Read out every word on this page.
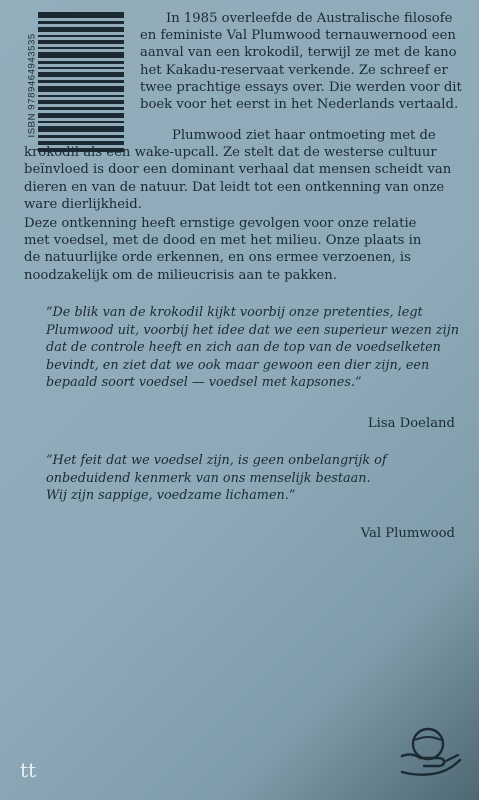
ISBN 9789464943535
In 1985 overleefde de Australische filosofe
en feministe Val Plumwood ternauwernood een
aanval van een krokodil, terwijl ze met de kano
het Kakadu-reservaat verkende. Ze schreef er
twee prachtige essays over. Die werden voor dit
boek voor het eerst in het Nederlands vertaald.
Plumwood ziet haar ontmoeting met de
krokodil als een wake-upcall. Ze stelt dat de westerse cultuur
beïnvloed is door een dominant verhaal dat mensen scheidt van
dieren en van de natuur. Dat leidt tot een ontkenning van onze
ware dierlijkheid.
Deze ontkenning heeft ernstige gevolgen voor onze relatie
met voedsel, met de dood en met het milieu. Onze plaats in
de natuurlijke orde erkennen, en ons ermee verzoenen, is
noodzakelijk om de milieucrisis aan te pakken.
“De blik van de krokodil kijkt voorbij onze pretenties, legt
Plumwood uit, voorbij het idee dat we een superieur wezen zijn
dat de controle heeft en zich aan de top van de voedselketen
bevindt, en ziet dat we ook maar gewoon een dier zijn, een
bepaald soort voedsel — voedsel met kapsones.”
Lisa Doeland
“Het feit dat we voedsel zijn, is geen onbelangrijk of
onbeduidend kenmerk van ons menselijk bestaan.
Wij zijn sappige, voedzame lichamen.”
Val Plumwood
tt
